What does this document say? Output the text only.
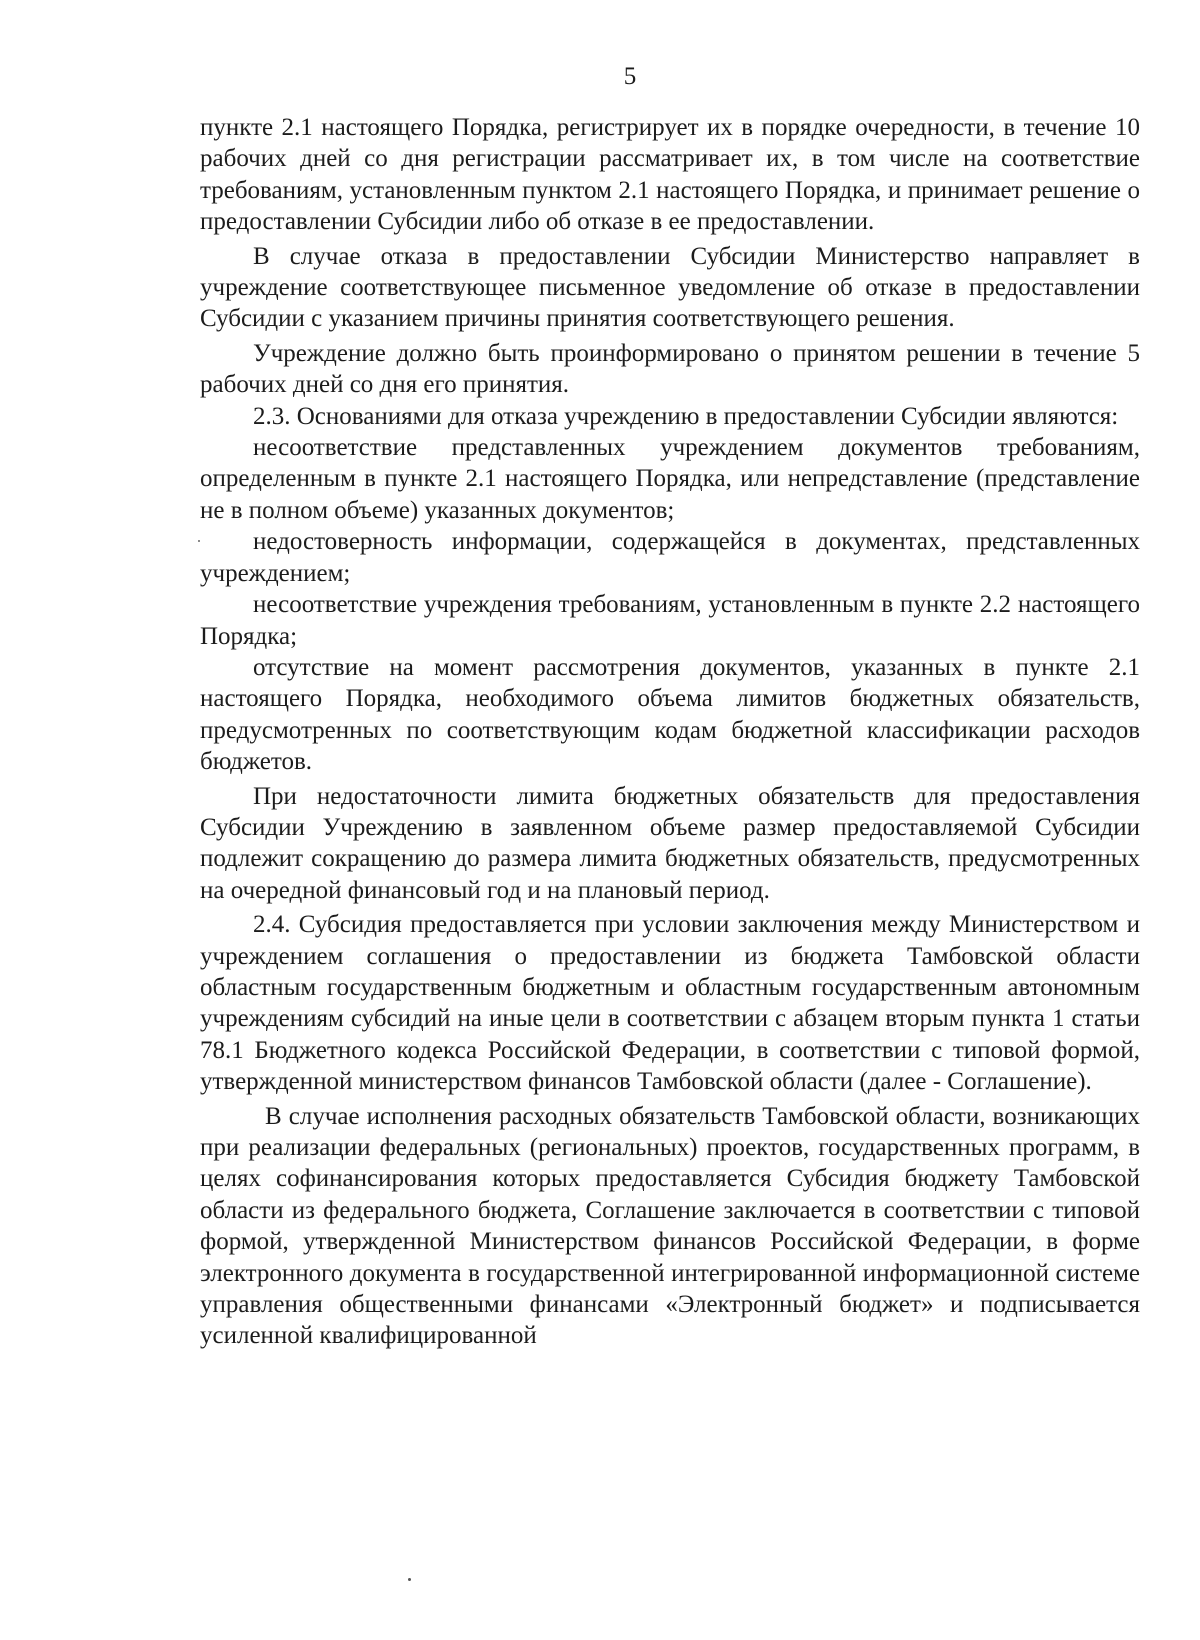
5

пункте 2.1 настоящего Порядка, регистрирует их в порядке очередности, в течение 10 рабочих дней со дня регистрации рассматривает их, в том числе на соответствие требованиям, установленным пунктом 2.1 настоящего Порядка, и принимает решение о предоставлении Субсидии либо об отказе в ее предоставлении.

В случае отказа в предоставлении Субсидии Министерство направляет в учреждение соответствующее письменное уведомление об отказе в предоставлении Субсидии с указанием причины принятия соответствующего решения.

Учреждение должно быть проинформировано о принятом решении в течение 5 рабочих дней со дня его принятия.

2.3. Основаниями для отказа учреждению в предоставлении Субсидии являются:

несоответствие представленных учреждением документов требованиям, определенным в пункте 2.1 настоящего Порядка, или непредставление (представление не в полном объеме) указанных документов;

недостоверность информации, содержащейся в документах, представленных учреждением;

несоответствие учреждения требованиям, установленным в пункте 2.2 настоящего Порядка;

отсутствие на момент рассмотрения документов, указанных в пункте 2.1 настоящего Порядка, необходимого объема лимитов бюджетных обязательств, предусмотренных по соответствующим кодам бюджетной классификации расходов бюджетов.

При недостаточности лимита бюджетных обязательств для предоставления Субсидии Учреждению в заявленном объеме размер предоставляемой Субсидии подлежит сокращению до размера лимита бюджетных обязательств, предусмотренных на очередной финансовый год и на плановый период.

2.4. Субсидия предоставляется при условии заключения между Министерством и учреждением соглашения о предоставлении из бюджета Тамбовской области областным государственным бюджетным и областным государственным автономным учреждениям субсидий на иные цели в соответствии с абзацем вторым пункта 1 статьи 78.1 Бюджетного кодекса Российской Федерации, в соответствии с типовой формой, утвержденной министерством финансов Тамбовской области (далее - Соглашение).

В случае исполнения расходных обязательств Тамбовской области, возникающих при реализации федеральных (региональных) проектов, государственных программ, в целях софинансирования которых предоставляется Субсидия бюджету Тамбовской области из федерального бюджета, Соглашение заключается в соответствии с типовой формой, утвержденной Министерством финансов Российской Федерации, в форме электронного документа в государственной интегрированной информационной системе управления общественными финансами «Электронный бюджет» и подписывается усиленной квалифицированной
